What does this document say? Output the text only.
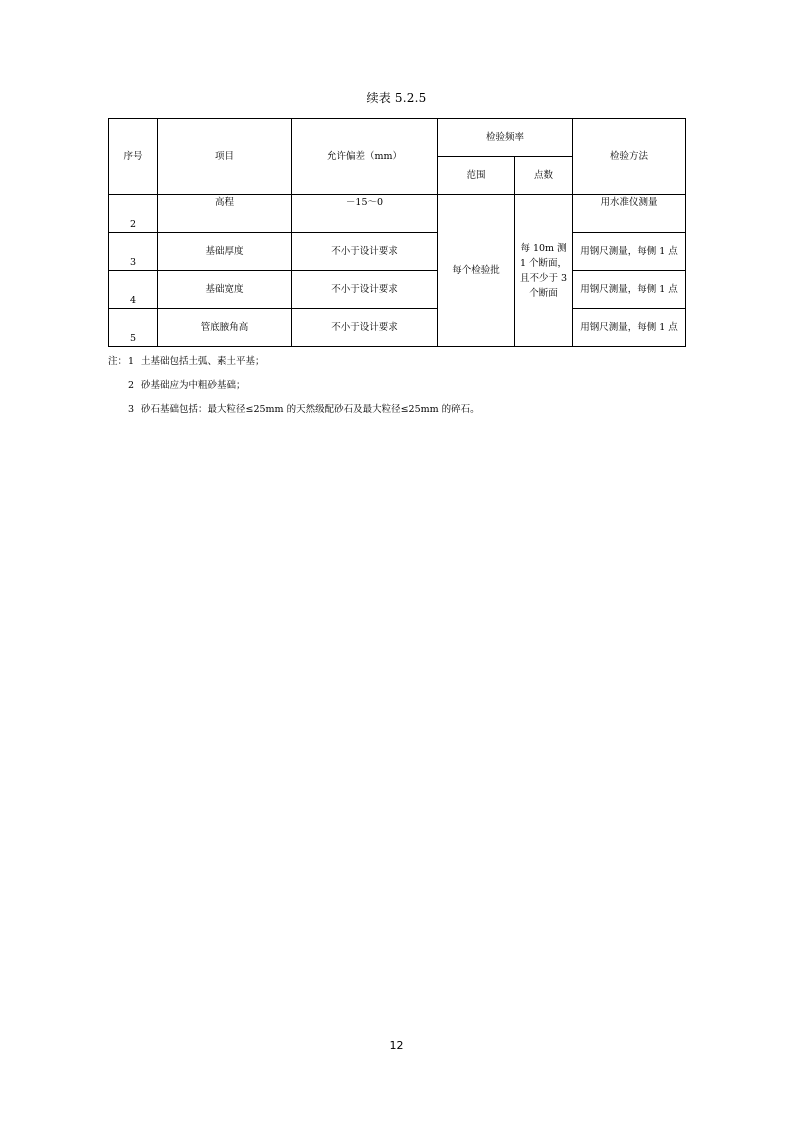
续表 5.2.5
序号	项目	允许偏差（mm）	检验频率		检验方法
			范围	点数	
2	高程	－15～0	每个检验批	每 10m 测 1 个断面，且不少于 3 个断面	用水准仪测量
3	基础厚度	不小于设计要求			用钢尺测量，每侧 1 点
4	基础宽度	不小于设计要求			用钢尺测量，每侧 1 点
5	管底腋角高	不小于设计要求			用钢尺测量，每侧 1 点
注：1 土基础包括土弧、素土平基；
2 砂基础应为中粗砂基础；
3 砂石基础包括：最大粒径≤25mm 的天然级配砂石及最大粒径≤25mm 的碎石。
12
